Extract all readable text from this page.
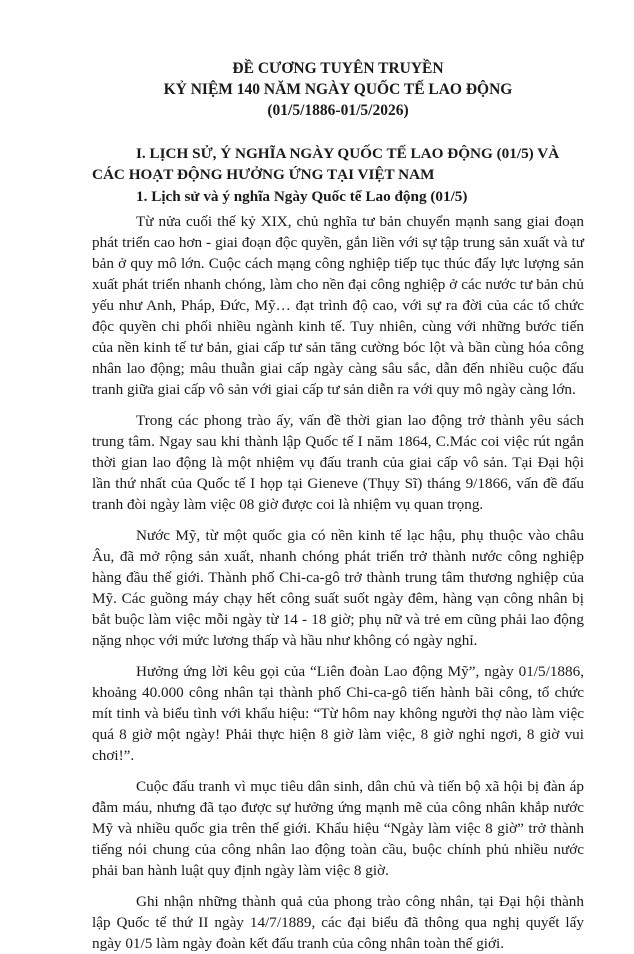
ĐỀ CƯƠNG TUYÊN TRUYỀN
KỶ NIỆM 140 NĂM NGÀY QUỐC TẾ LAO ĐỘNG
(01/5/1886-01/5/2026)

I. LỊCH SỬ, Ý NGHĨA NGÀY QUỐC TẾ LAO ĐỘNG (01/5) VÀ CÁC HOẠT ĐỘNG HƯỞNG ỨNG TẠI VIỆT NAM

1. Lịch sử và ý nghĩa Ngày Quốc tế Lao động (01/5)

Từ nửa cuối thế kỷ XIX, chủ nghĩa tư bản chuyển mạnh sang giai đoạn phát triển cao hơn - giai đoạn độc quyền, gắn liền với sự tập trung sản xuất và tư bản ở quy mô lớn. Cuộc cách mạng công nghiệp tiếp tục thúc đẩy lực lượng sản xuất phát triển nhanh chóng, làm cho nền đại công nghiệp ở các nước tư bản chủ yếu như Anh, Pháp, Đức, Mỹ… đạt trình độ cao, với sự ra đời của các tổ chức độc quyền chi phối nhiều ngành kinh tế. Tuy nhiên, cùng với những bước tiến của nền kinh tế tư bản, giai cấp tư sản tăng cường bóc lột và bần cùng hóa công nhân lao động; mâu thuẫn giai cấp ngày càng sâu sắc, dẫn đến nhiều cuộc đấu tranh giữa giai cấp vô sản với giai cấp tư sản diễn ra với quy mô ngày càng lớn.

Trong các phong trào ấy, vấn đề thời gian lao động trở thành yêu sách trung tâm. Ngay sau khi thành lập Quốc tế I năm 1864, C.Mác coi việc rút ngắn thời gian lao động là một nhiệm vụ đấu tranh của giai cấp vô sản. Tại Đại hội lần thứ nhất của Quốc tế I họp tại Gieneve (Thụy Sĩ) tháng 9/1866, vấn đề đấu tranh đòi ngày làm việc 08 giờ được coi là nhiệm vụ quan trọng.

Nước Mỹ, từ một quốc gia có nền kinh tế lạc hậu, phụ thuộc vào châu Âu, đã mở rộng sản xuất, nhanh chóng phát triển trở thành nước công nghiệp hàng đầu thế giới. Thành phố Chi-ca-gô trở thành trung tâm thương nghiệp của Mỹ. Các guồng máy chạy hết công suất suốt ngày đêm, hàng vạn công nhân bị bắt buộc làm việc mỗi ngày từ 14 - 18 giờ; phụ nữ và trẻ em cũng phải lao động nặng nhọc với mức lương thấp và hầu như không có ngày nghỉ.

Hưởng ứng lời kêu gọi của “Liên đoàn Lao động Mỹ”, ngày 01/5/1886, khoảng 40.000 công nhân tại thành phố Chi-ca-gô tiến hành bãi công, tổ chức mít tinh và biểu tình với khẩu hiệu: “Từ hôm nay không người thợ nào làm việc quá 8 giờ một ngày! Phải thực hiện 8 giờ làm việc, 8 giờ nghỉ ngơi, 8 giờ vui chơi!”.

Cuộc đấu tranh vì mục tiêu dân sinh, dân chủ và tiến bộ xã hội bị đàn áp đẫm máu, nhưng đã tạo được sự hưởng ứng mạnh mẽ của công nhân khắp nước Mỹ và nhiều quốc gia trên thế giới. Khẩu hiệu “Ngày làm việc 8 giờ” trở thành tiếng nói chung của công nhân lao động toàn cầu, buộc chính phủ nhiều nước phải ban hành luật quy định ngày làm việc 8 giờ.

Ghi nhận những thành quả của phong trào công nhân, tại Đại hội thành lập Quốc tế thứ II ngày 14/7/1889, các đại biểu đã thông qua nghị quyết lấy ngày 01/5 làm ngày đoàn kết đấu tranh của công nhân toàn thế giới.
